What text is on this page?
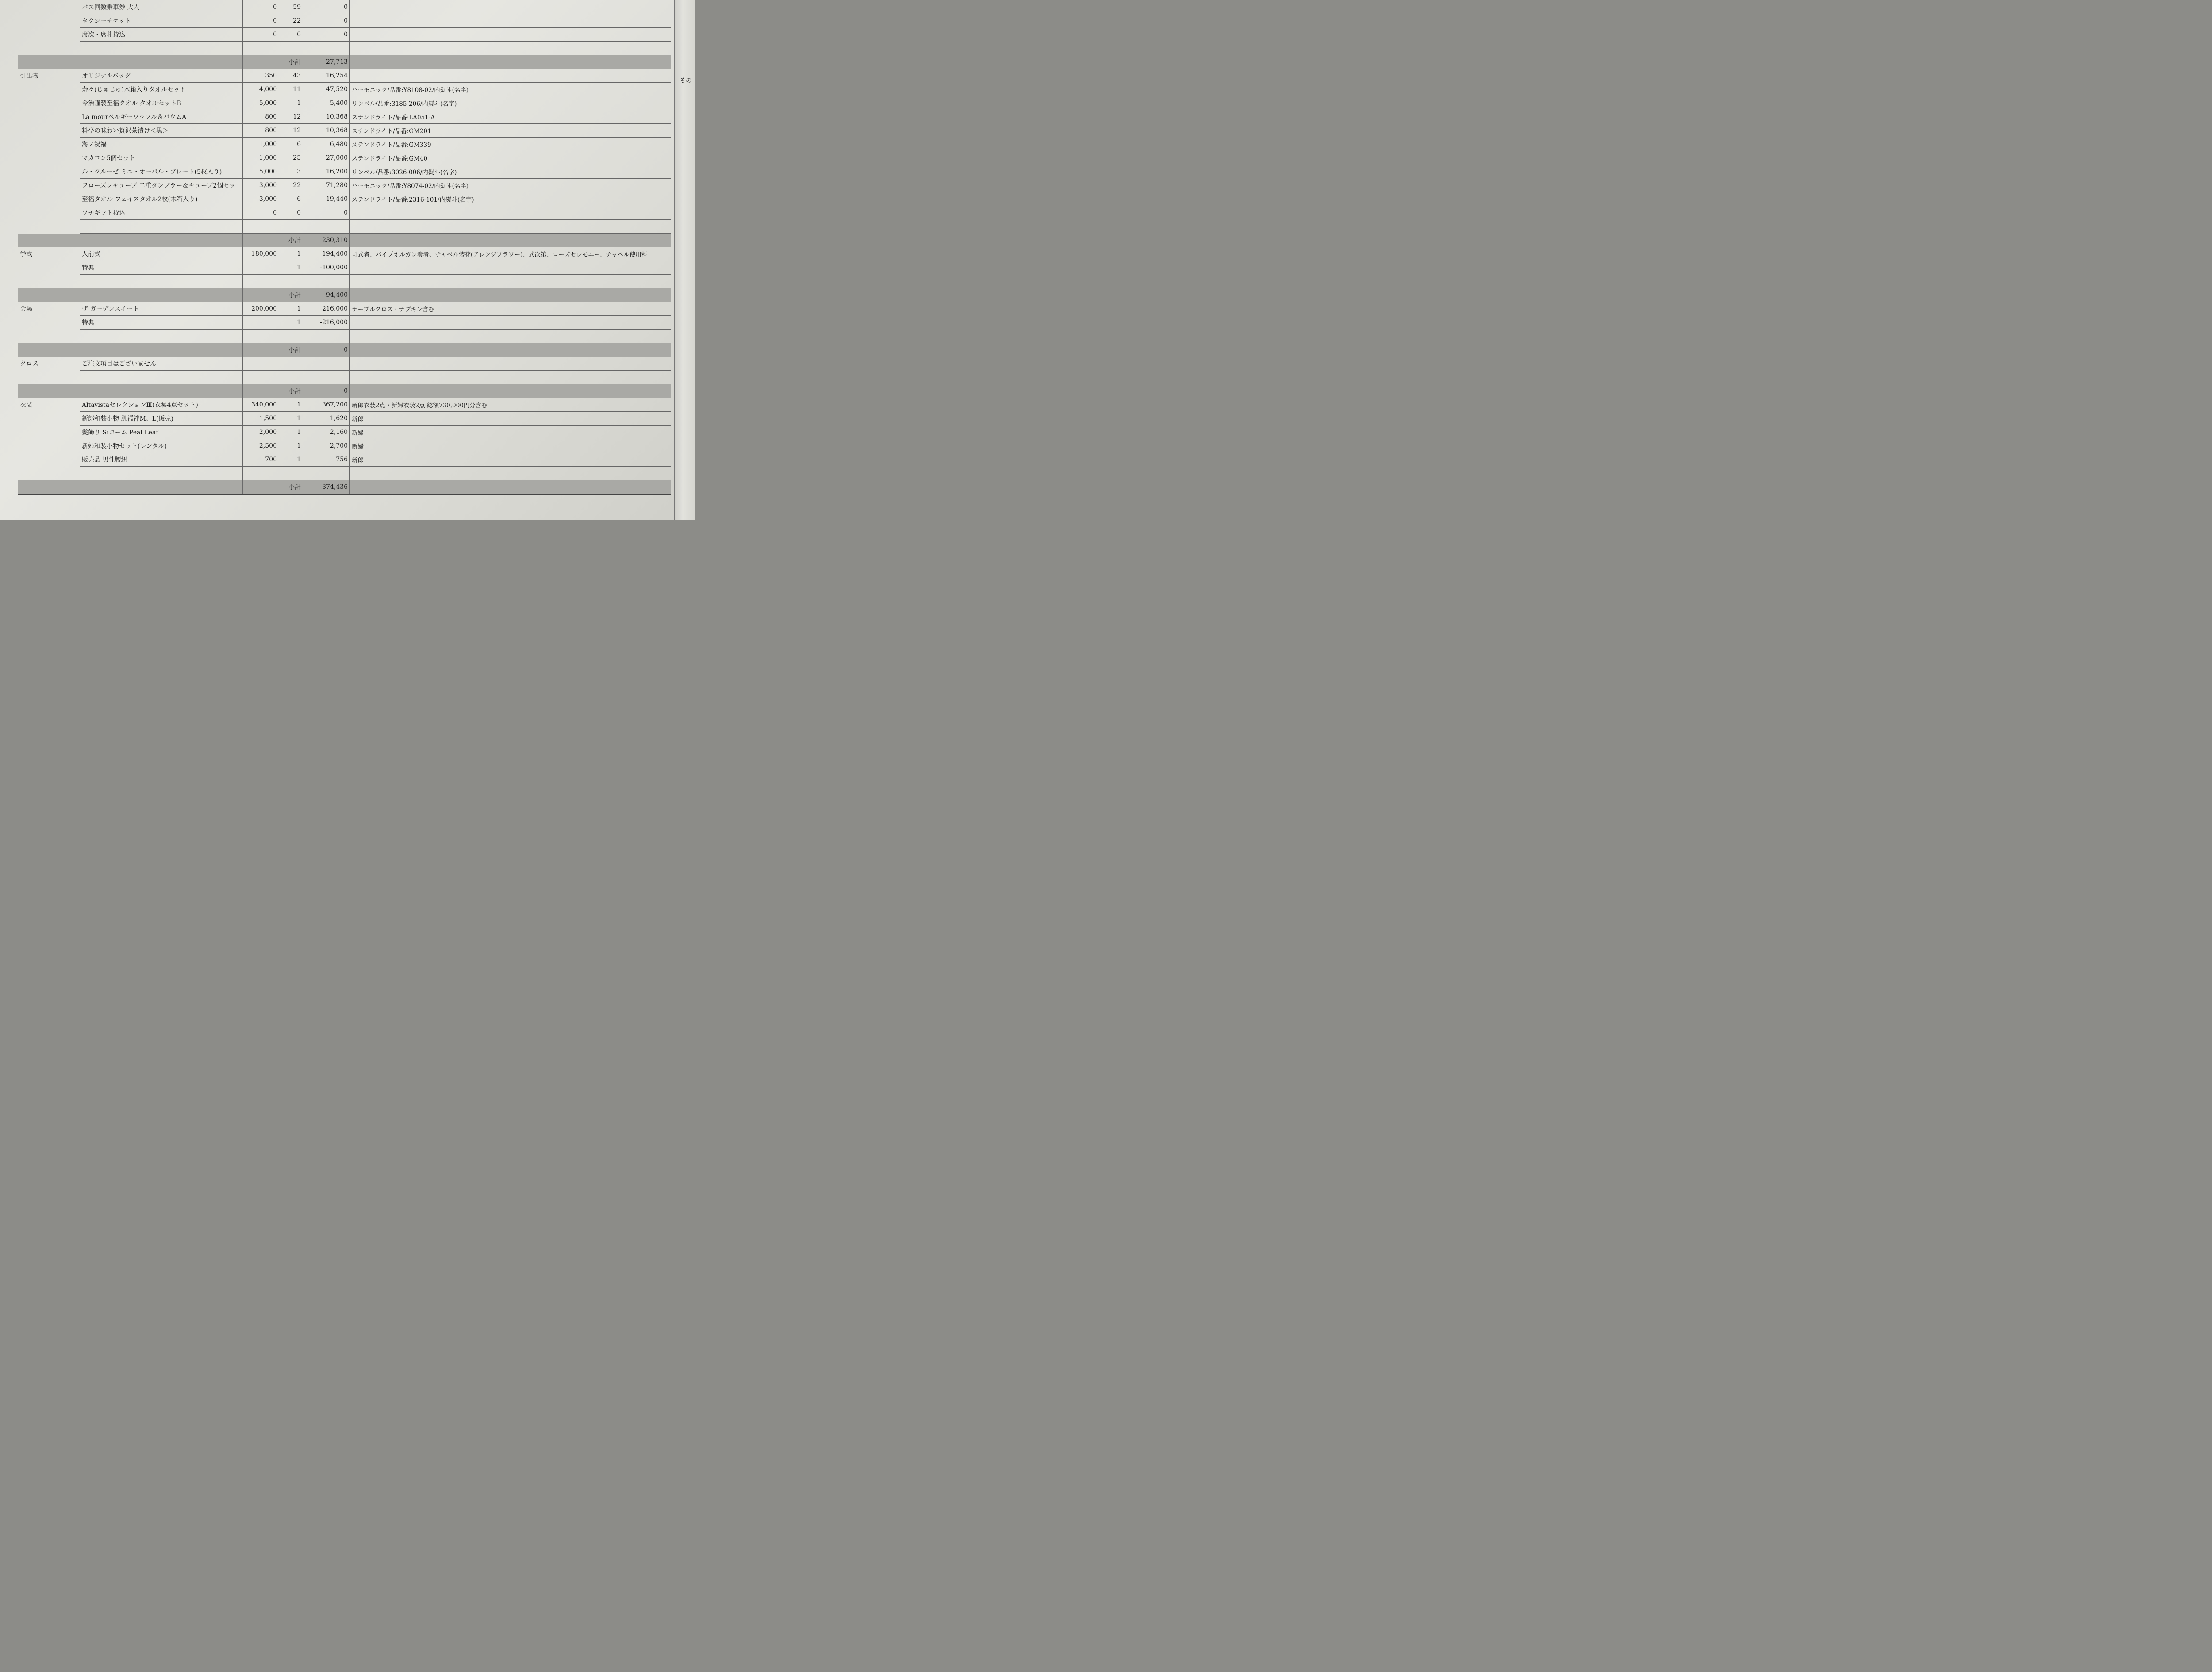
	バス回数乗車券 大人	0	59	0	
	タクシーチケット	0	22	0	
	席次・席札持込	0	0	0	

			小計	27,713	
引出物	オリジナルバッグ	350	43	16,254	
	寿々(じゅじゅ)木箱入りタオルセット	4,000	11	47,520	ハーモニック/品番:Y8108-02/内熨斗(名字)
	今治謹製至福タオル タオルセットB	5,000	1	5,400	リンベル/品番:3185-206/内熨斗(名字)
	La mourベルギーワッフル＆バウムA	800	12	10,368	ステンドライト/品番:LA051-A
	料亭の味わい贅沢茶漬け＜黒＞	800	12	10,368	ステンドライト/品番:GM201
	海ノ祝福	1,000	6	6,480	ステンドライト/品番:GM339
	マカロン5個セット	1,000	25	27,000	ステンドライト/品番:GM40
	ル・クルーゼ ミニ・オーバル・プレート(5枚入り)	5,000	3	16,200	リンベル/品番:3026-006/内熨斗(名字)
	フローズンキューブ 二重タンブラー＆キューブ2個セッ	3,000	22	71,280	ハーモニック/品番:Y8074-02/内熨斗(名字)
	至福タオル フェイスタオル2枚(木箱入り)	3,000	6	19,440	ステンドライト/品番:2316-101/内熨斗(名字)
	プチギフト持込	0	0	0	

			小計	230,310	
挙式	人前式	180,000	1	194,400	司式者、パイプオルガン奏者、チャペル装花(アレンジフラワー)、式次第、ローズセレモニー、チャペル使用料
	特典		1	-100,000	

			小計	94,400	
会場	ザ ガーデンスイート	200,000	1	216,000	テーブルクロス・ナプキン含む
	特典		1	-216,000	

			小計	0	
クロス	ご注文項目はございません				

			小計	0	
衣装	AltavistaセレクションⅢ(衣裳4点セット)	340,000	1	367,200	新郎衣装2点・新婦衣装2点 総額730,000円分含む
	新郎和装小物 肌襦袢M、L(販売)	1,500	1	1,620	新郎
	髪飾り Siコーム Peal Leaf	2,000	1	2,160	新婦
	新婦和装小物セット(レンタル)	2,500	1	2,700	新婦
	販売品 男性腰紐	700	1	756	新郎

			小計	374,436	
その
